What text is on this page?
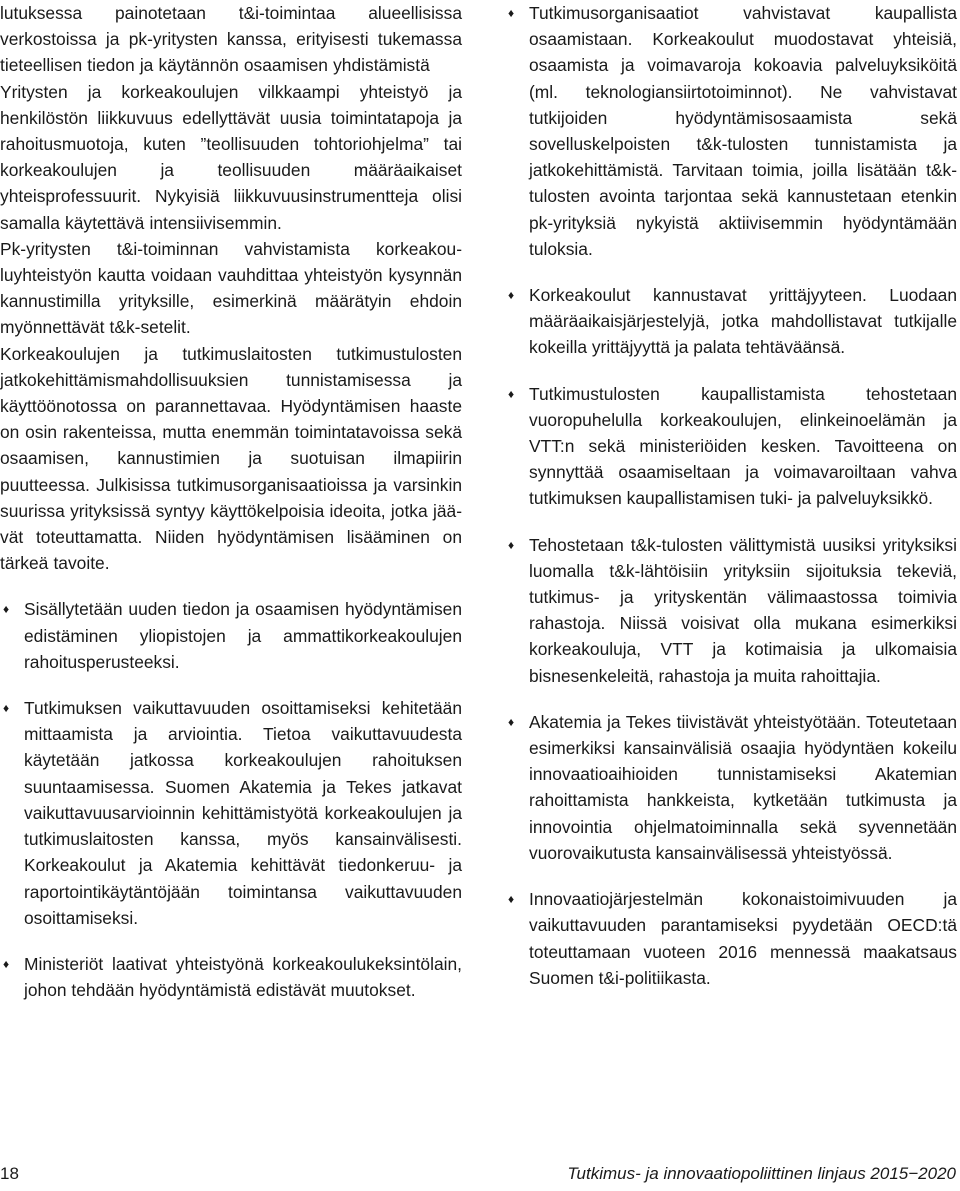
lutuksessa painotetaan t&i-toimintaa alueellisissa verkostoissa ja pk-yritysten kanssa, erityisesti tukemassa tieteellisen tiedon ja käytännön osaamisen yhdistämistä

Yritysten ja korkeakoulujen vilkkaampi yhteistyö ja henkilöstön liikkuvuus edellyttävät uusia toimintatapoja ja rahoitusmuotoja, kuten ”teollisuuden tohtoriohjelma” tai korkeakoulujen ja teollisuuden määräaikaiset yhteisprofessuurit. Nykyisiä liikkuvuusinstrumentteja olisi samalla käytettävä intensiivisemmin.

Pk-yritysten t&i-toiminnan vahvistamista korkeakouluyhteistyön kautta voidaan vauhdittaa yhteistyön kysynnän kannustimilla yrityksille, esimerkinä määrätyin ehdoin myönnettävät t&k-setelit.

Korkeakoulujen ja tutkimuslaitosten tutkimustulosten jatkokehittämismahdollisuuksien tunnistamisessa ja käyttöönotossa on parannettavaa. Hyödyntämisen haaste on osin rakenteissa, mutta enemmän toimintatavoissa sekä osaamisen, kannustimien ja suotuisan ilmapiirin puutteessa. Julkisissa tutkimusorganisaatioissa ja varsinkin suurissa yrityksissä syntyy käyttökelpoisia ideoita, jotka jäävät toteuttamatta. Niiden hyödyntämisen lisääminen on tärkeä tavoite.

♦ Sisällytetään uuden tiedon ja osaamisen hyödyntämisen edistäminen yliopistojen ja ammattikorkeakoulujen rahoitusperusteeksi.
♦ Tutkimuksen vaikuttavuuden osoittamiseksi kehitetään mittaamista ja arviointia. Tietoa vaikuttavuudesta käytetään jatkossa korkeakoulujen rahoituksen suuntaamisessa. Suomen Akatemia ja Tekes jatkavat vaikuttavuusarvioinnin kehittämistyötä korkeakoulujen ja tutkimuslaitosten kanssa, myös kansainvälisesti. Korkeakoulut ja Akatemia kehittävät tiedonkeruu- ja raportointikäytäntöjään toimintansa vaikuttavuuden osoittamiseksi.
♦ Ministeriöt laativat yhteistyönä korkeakoulukeksintölain, johon tehdään hyödyntämistä edistävät muutokset.
♦ Tutkimusorganisaatiot vahvistavat kaupallista osaamistaan. Korkeakoulut muodostavat yhteisiä, osaamista ja voimavaroja kokoavia palveluyksiköitä (ml. teknologiansiirtotoiminnot). Ne vahvistavat tutkijoiden hyödyntämisosaamista sekä sovelluskelpoisten t&k-tulosten tunnistamista ja jatkokehittämistä. Tarvitaan toimia, joilla lisätään t&k-tulosten avointa tarjontaa sekä kannustetaan etenkin pk-yrityksiä nykyistä aktiivisemmin hyödyntämään tuloksia.
♦ Korkeakoulut kannustavat yrittäjyyteen. Luodaan määräaikaisjärjestelyjä, jotka mahdollistavat tutkijalle kokeilla yrittäjyyttä ja palata tehtäväänsä.
♦ Tutkimustulosten kaupallistamista tehostetaan vuoropuhelulla korkeakoulujen, elinkeinoelämän ja VTT:n sekä ministeriöiden kesken. Tavoitteena on synnyttää osaamiseltaan ja voimavaroiltaan vahva tutkimuksen kaupallistamisen tuki- ja palveluyksikkö.
♦ Tehostetaan t&k-tulosten välittymistä uusiksi yrityksiksi luomalla t&k-lähtöisiin yrityksiin sijoituksia tekeviä, tutkimus- ja yrityskentän välimaastossa toimivia rahastoja. Niissä voisivat olla mukana esimerkiksi korkeakouluja, VTT ja kotimaisia ja ulkomaisia bisnesenkeleitä, rahastoja ja muita rahoittajia.
♦ Akatemia ja Tekes tiivistävät yhteistyötään. Toteutetaan esimerkiksi kansainvälisiä osaajia hyödyntäen kokeilu innovaatioaihioiden tunnistamiseksi Akatemian rahoittamista hankkeista, kytketään tutkimusta ja innovointia ohjelmatoiminnalla sekä syvennetään vuorovaikutusta kansainvälisessä yhteistyössä.
♦ Innovaatiojärjestelmän kokonaistoimivuuden ja vaikuttavuuden parantamiseksi pyydetään OECD:tä toteuttamaan vuoteen 2016 mennessä maakatsaus Suomen t&i-politiikasta.
18	Tutkimus- ja innovaatiopoliittinen linjaus 2015−2020
